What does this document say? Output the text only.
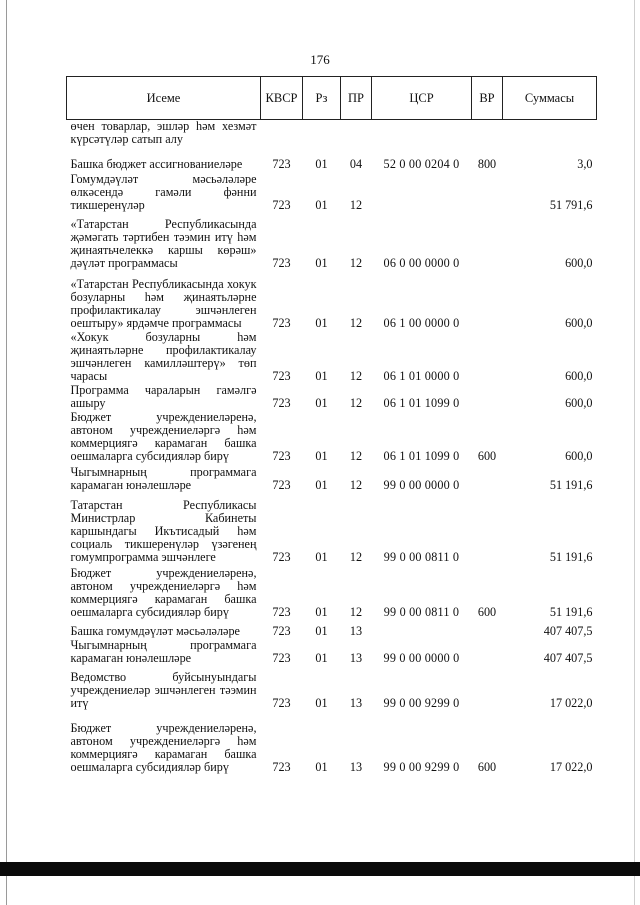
176
Исеме	КВСР	Рз	ПР	ЦСР	ВР	Суммасы
өчен товарлар, эшләр һәм хезмәт күрсәтүләр сатып алу						
Башка бюджет ассигнованиеләре	723	01	04	52 0 00 0204 0	800	3,0
Гомумдәүләт мәсьәләләре өлкәсендә гамәли фәнни тикшеренүләр	723	01	12			51 791,6
«Татарстан Республикасында җәмәгать тәртибен тәэмин итү һәм җинаятьчелеккә каршы көрәш» дәүләт программасы	723	01	12	06 0 00 0000 0		600,0
«Татарстан Республикасында хокук бозуларны һәм җинаятьләрне профилактикалау эшчәнлеген оештыру» ярдәмче программасы	723	01	12	06 1 00 0000 0		600,0
«Хокук бозуларны һәм җинаятьләрне профилактикалау эшчәнлеген камилләштерү» төп чарасы	723	01	12	06 1 01 0000 0		600,0
Программа чараларын гамәлгә ашыру	723	01	12	06 1 01 1099 0		600,0
Бюджет учреждениеләренә, автоном учреждениеләргә һәм коммерциягә карамаган башка оешмаларга субсидияләр бирү	723	01	12	06 1 01 1099 0	600	600,0
Чыгымнарның программага карамаган юнәлешләре	723	01	12	99 0 00 0000 0		51 191,6
Татарстан Республикасы Министрлар Кабинеты каршындагы Икътисадый һәм социаль тикшеренүләр үзәгенең гомумпрограмма эшчәнлеге	723	01	12	99 0 00 0811 0		51 191,6
Бюджет учреждениеләренә, автоном учреждениеләргә һәм коммерциягә карамаган башка оешмаларга субсидияләр бирү	723	01	12	99 0 00 0811 0	600	51 191,6
Башка гомумдәүләт мәсьәләләре	723	01	13			407 407,5
Чыгымнарның программага карамаган юнәлешләре	723	01	13	99 0 00 0000 0		407 407,5
Ведомство буйсынуындагы учреждениеләр эшчәнлеген тәэмин итү	723	01	13	99 0 00 9299 0		17 022,0
Бюджет учреждениеләренә, автоном учреждениеләргә һәм коммерциягә карамаган башка оешмаларга субсидияләр бирү	723	01	13	99 0 00 9299 0	600	17 022,0
